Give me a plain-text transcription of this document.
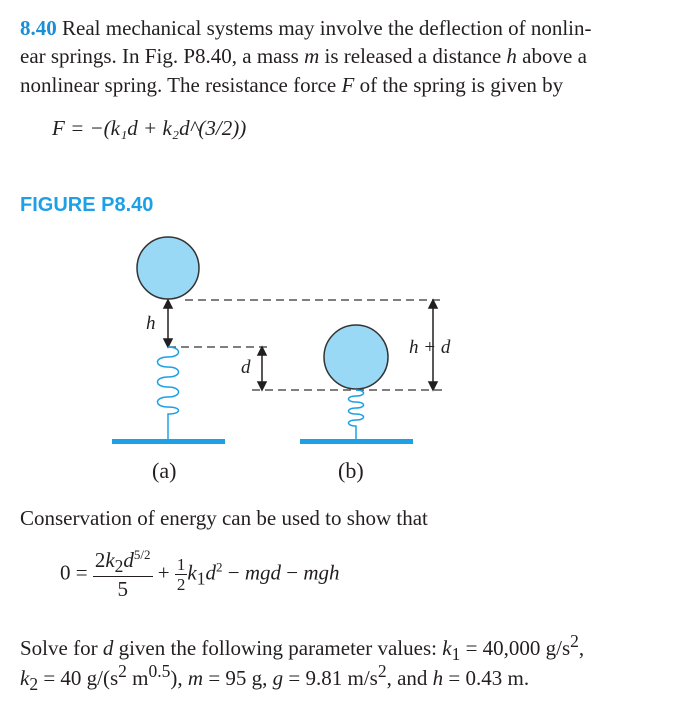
8.40 Real mechanical systems may involve the deflection of nonlin-
ear springs. In Fig. P8.40, a mass m is released a distance h above a
nonlinear spring. The resistance force F of the spring is given by
F = −(k₁d + k₂d^(3/2))
FIGURE P8.40
h
d
h + d
(a)	(b)
Conservation of energy can be used to show that
$0 = \frac{2k_2d^{5/2}}{5} + \frac{1}{2} k_1d^2$ − mgd − mgh
Solve for d given the following parameter values: $k_1 = 40,000$ $g/s^2$,
$k_2 = 40$ $g/(s^2$ $m^{0.5}$), m = 95 g, g = 9.81 $m/s^2$, and h = 0.43 m.
